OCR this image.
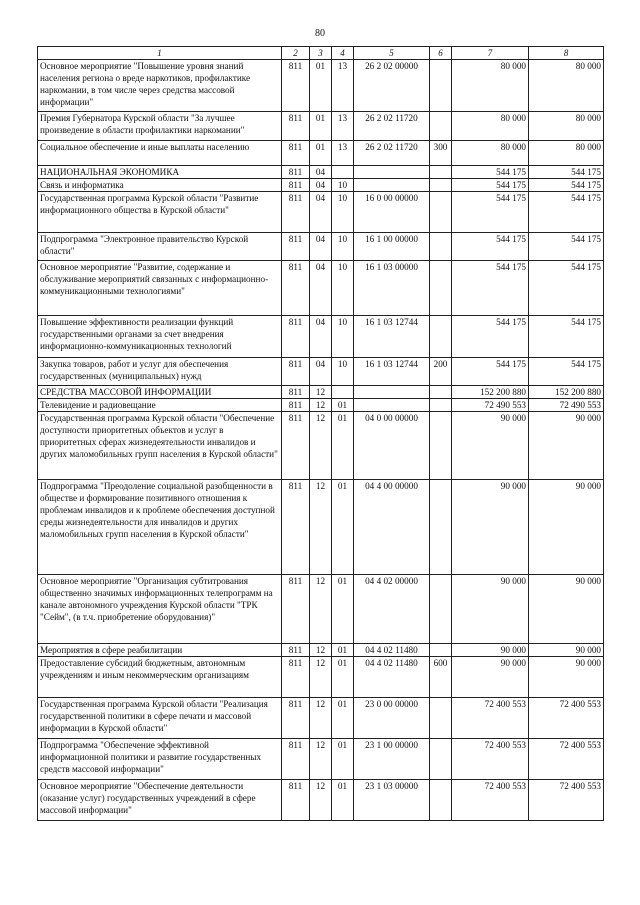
80
1	2	3	4	5	6	7	8
Основное мероприятие "Повышение уровня знаний населения региона о вреде наркотиков, профилактике наркомании, в том числе через средства массовой информации"	811	01	13	26 2 02 00000		80 000	80 000
Премия Губернатора Курской области "За лучшее произведение в области профилактики наркомании"	811	01	13	26 2 02 11720		80 000	80 000
Социальное обеспечение и иные выплаты населению	811	01	13	26 2 02 11720	300	80 000	80 000
НАЦИОНАЛЬНАЯ ЭКОНОМИКА	811	04				544 175	544 175
Связь и информатика	811	04	10			544 175	544 175
Государственная программа Курской области "Развитие информационного общества в Курской области"	811	04	10	16 0 00 00000		544 175	544 175
Подпрограмма "Электронное правительство Курской области"	811	04	10	16 1 00 00000		544 175	544 175
Основное мероприятие "Развитие, содержание и обслуживание мероприятий связанных с информационно-коммуникационными технологиями"	811	04	10	16 1 03 00000		544 175	544 175
Повышение эффективности реализации функций государственными органами за счет внедрения информационно-коммуникационных технологий	811	04	10	16 1 03 12744		544 175	544 175
Закупка товаров, работ и услуг для обеспечения государственных (муниципальных) нужд	811	04	10	16 1 03 12744	200	544 175	544 175
СРЕДСТВА МАССОВОЙ ИНФОРМАЦИИ	811	12				152 200 880	152 200 880
Телевидение и радиовещание	811	12	01			72 490 553	72 490 553
Государственная программа Курской области "Обеспечение доступности приоритетных объектов и услуг в приоритетных сферах жизнедеятельности инвалидов и других маломобильных групп населения в Курской области"	811	12	01	04 0 00 00000		90 000	90 000
Подпрограмма "Преодоление социальной разобщенности в обществе и формирование позитивного отношения к проблемам инвалидов и к проблеме обеспечения доступной среды жизнедеятельности для инвалидов и других маломобильных групп населения в Курской области"	811	12	01	04 4 00 00000		90 000	90 000
Основное мероприятие "Организация субтитрования общественно значимых информационных телепрограмм на канале автономного учреждения Курской области "ТРК "Сейм", (в т.ч. приобретение оборудования)"	811	12	01	04 4 02 00000		90 000	90 000
Мероприятия в сфере реабилитации	811	12	01	04 4 02 11480		90 000	90 000
Предоставление субсидий бюджетным, автономным учреждениям и иным некоммерческим организациям	811	12	01	04 4 02 11480	600	90 000	90 000
Государственная программа Курской области "Реализация государственной политики в сфере печати и массовой информации в Курской области"	811	12	01	23 0 00 00000		72 400 553	72 400 553
Подпрограмма "Обеспечение эффективной информационной политики и развитие государственных средств массовой информации"	811	12	01	23 1 00 00000		72 400 553	72 400 553
Основное мероприятие "Обеспечение деятельности (оказание услуг) государственных учреждений в сфере массовой информации"	811	12	01	23 1 03 00000		72 400 553	72 400 553
